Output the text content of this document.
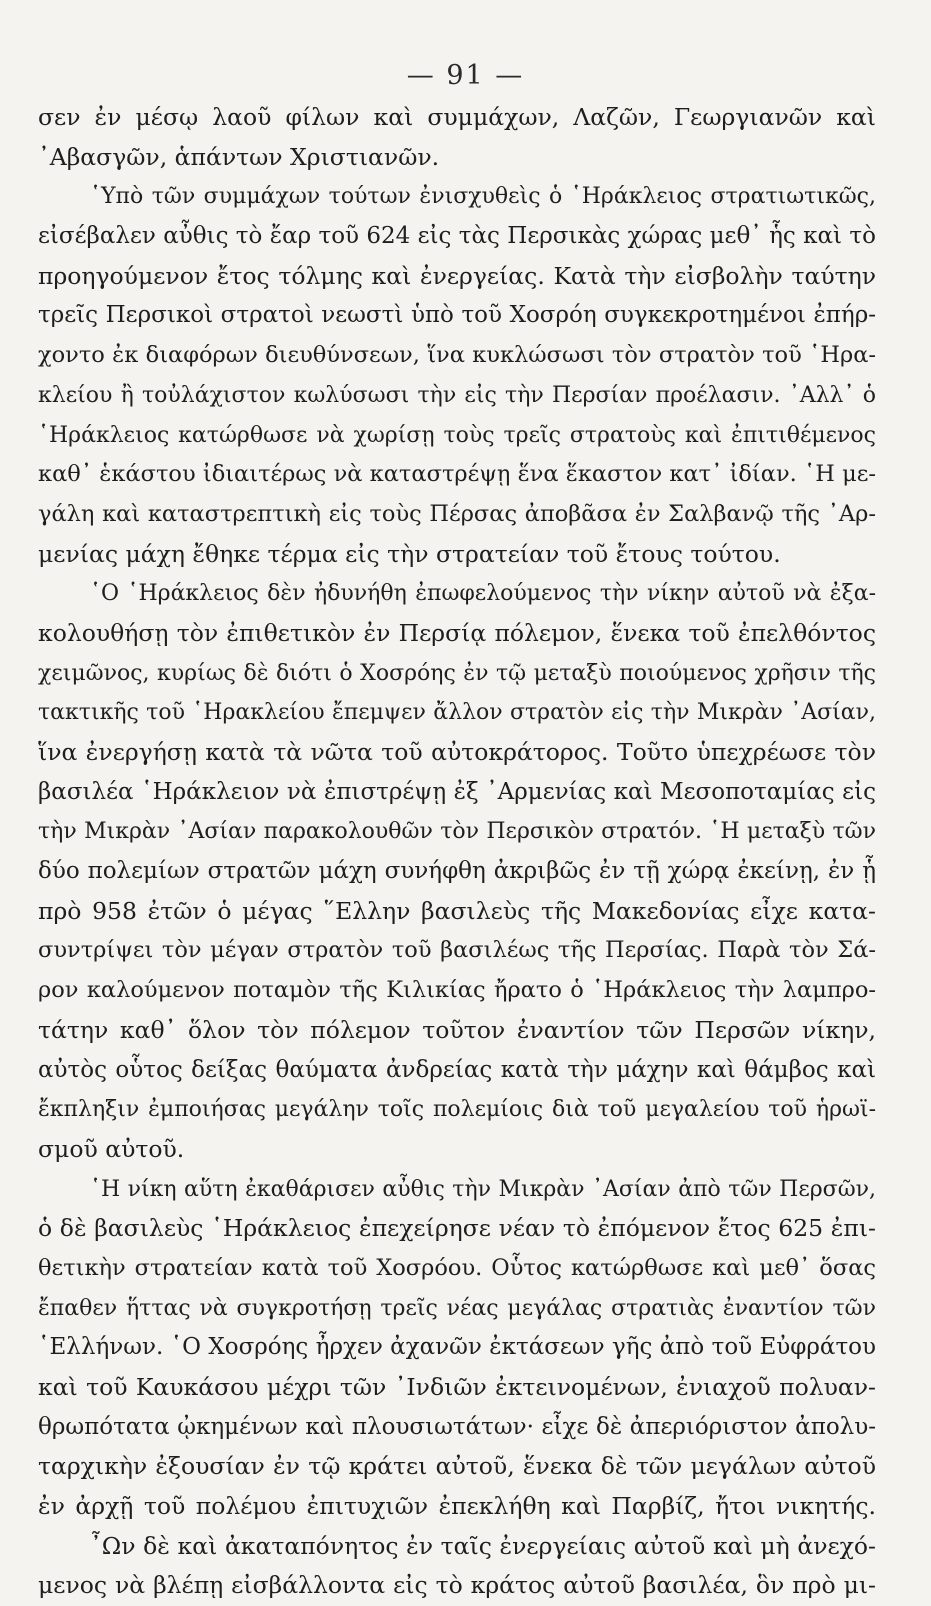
— 91 —
σεν ἐν μέσῳ λαοῦ φίλων καὶ συμμάχων, Λαζῶν, Γεωργιανῶν καὶ
᾿Αβασγῶν, ἁπάντων Χριστιανῶν.
῾Υπὸ τῶν συμμάχων τούτων ἐνισχυθεὶς ὁ ῾Ηράκλειος στρατιωτικῶς,
εἰσέβαλεν αὖθις τὸ ἔαρ τοῦ 624 εἰς τὰς Περσικὰς χώρας μεθ᾿ ἧς καὶ τὸ
προηγούμενον ἔτος τόλμης καὶ ἐνεργείας. Κατὰ τὴν εἰσβολὴν ταύτην
τρεῖς Περσικοὶ στρατοὶ νεωστὶ ὑπὸ τοῦ Χοσρόη συγκεκροτημένοι ἐπήρ-
χοντο ἐκ διαφόρων διευθύνσεων, ἵνα κυκλώσωσι τὸν στρατὸν τοῦ ῾Ηρα-
κλείου ἢ τοὐλάχιστον κωλύσωσι τὴν εἰς τὴν Περσίαν προέλασιν. ᾿Αλλ᾿ ὁ
῾Ηράκλειος κατώρθωσε νὰ χωρίσῃ τοὺς τρεῖς στρατοὺς καὶ ἐπιτιθέμενος
καθ᾿ ἑκάστου ἰδιαιτέρως νὰ καταστρέψῃ ἕνα ἕκαστον κατ᾿ ἰδίαν. ῾Η με-
γάλη καὶ καταστρεπτικὴ εἰς τοὺς Πέρσας ἀποβᾶσα ἐν Σαλβανῷ τῆς ᾿Αρ-
μενίας μάχη ἔθηκε τέρμα εἰς τὴν στρατείαν τοῦ ἔτους τούτου.
῾Ο ῾Ηράκλειος δὲν ἠδυνήθη ἐπωφελούμενος τὴν νίκην αὐτοῦ νὰ ἐξα-
κολουθήσῃ τὸν ἐπιθετικὸν ἐν Περσίᾳ πόλεμον, ἕνεκα τοῦ ἐπελθόντος
χειμῶνος, κυρίως δὲ διότι ὁ Χοσρόης ἐν τῷ μεταξὺ ποιούμενος χρῆσιν τῆς
τακτικῆς τοῦ ῾Ηρακλείου ἔπεμψεν ἄλλον στρατὸν εἰς τὴν Μικρὰν ᾿Ασίαν,
ἵνα ἐνεργήσῃ κατὰ τὰ νῶτα τοῦ αὐτοκράτορος. Τοῦτο ὑπεχρέωσε τὸν
βασιλέα ῾Ηράκλειον νὰ ἐπιστρέψῃ ἐξ ᾿Αρμενίας καὶ Μεσοποταμίας εἰς
τὴν Μικρὰν ᾿Ασίαν παρακολουθῶν τὸν Περσικὸν στρατόν. ῾Η μεταξὺ τῶν
δύο πολεμίων στρατῶν μάχη συνήφθη ἀκριβῶς ἐν τῇ χώρᾳ ἐκείνῃ, ἐν ᾗ
πρὸ 958 ἐτῶν ὁ μέγας ῞Ελλην βασιλεὺς τῆς Μακεδονίας εἶχε κατα-
συντρίψει τὸν μέγαν στρατὸν τοῦ βασιλέως τῆς Περσίας. Παρὰ τὸν Σά-
ρον καλούμενον ποταμὸν τῆς Κιλικίας ἤρατο ὁ ῾Ηράκλειος τὴν λαμπρο-
τάτην καθ᾿ ὅλον τὸν πόλεμον τοῦτον ἐναντίον τῶν Περσῶν νίκην,
αὐτὸς οὗτος δείξας θαύματα ἀνδρείας κατὰ τὴν μάχην καὶ θάμβος καὶ
ἔκπληξιν ἐμποιήσας μεγάλην τοῖς πολεμίοις διὰ τοῦ μεγαλείου τοῦ ἡρωϊ-
σμοῦ αὐτοῦ.
῾Η νίκη αὕτη ἐκαθάρισεν αὖθις τὴν Μικρὰν ᾿Ασίαν ἀπὸ τῶν Περσῶν,
ὁ δὲ βασιλεὺς ῾Ηράκλειος ἐπεχείρησε νέαν τὸ ἐπόμενον ἔτος 625 ἐπι-
θετικὴν στρατείαν κατὰ τοῦ Χοσρόου. Οὗτος κατώρθωσε καὶ μεθ᾿ ὅσας
ἔπαθεν ἥττας νὰ συγκροτήσῃ τρεῖς νέας μεγάλας στρατιὰς ἐναντίον τῶν
῾Ελλήνων. ῾Ο Χοσρόης ἦρχεν ἀχανῶν ἐκτάσεων γῆς ἀπὸ τοῦ Εὐφράτου
καὶ τοῦ Καυκάσου μέχρι τῶν ᾿Ινδιῶν ἐκτεινομένων, ἐνιαχοῦ πολυαν-
θρωπότατα ᾠκημένων καὶ πλουσιωτάτων· εἶχε δὲ ἀπεριόριστον ἀπολυ-
ταρχικὴν ἐξουσίαν ἐν τῷ κράτει αὐτοῦ, ἕνεκα δὲ τῶν μεγάλων αὐτοῦ
ἐν ἀρχῇ τοῦ πολέμου ἐπιτυχιῶν ἐπεκλήθη καὶ Παρβίζ, ἤτοι νικητής.
῏Ων δὲ καὶ ἀκαταπόνητος ἐν ταῖς ἐνεργείαις αὐτοῦ καὶ μὴ ἀνεχό-
μενος νὰ βλέπῃ εἰσβάλλοντα εἰς τὸ κράτος αὐτοῦ βασιλέα, ὃν πρὸ μι-
